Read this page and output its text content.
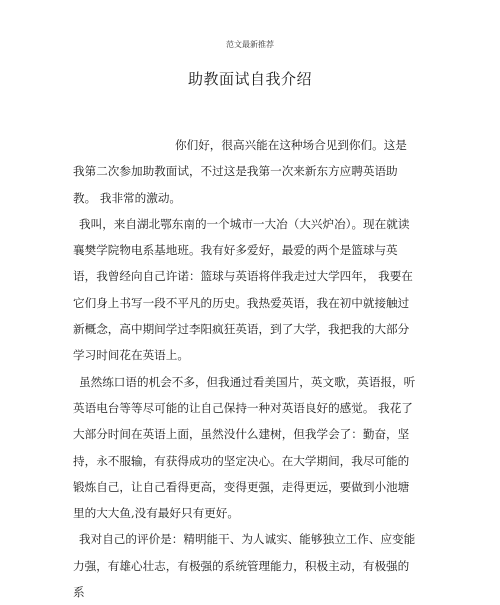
范文最新推荐
助教面试自我介绍

你们好，很高兴能在这种场合见到你们。这是我第二次参加助教面试，不过这是我第一次来新东方应聘英语助教。 我非常的激动。

我叫，来自湖北鄂东南的一个城市一大冶（大兴炉冶）。现在就读襄樊学院物电系基地班。我有好多爱好，最爱的两个是篮球与英语，我曾经向自己许诺：篮球与英语将伴我走过大学四年， 我要在它们身上书写一段不平凡的历史。我热爱英语，我在初中就接触过新概念，高中期间学过李阳疯狂英语，到了大学，我把我的大部分学习时间花在英语上。

虽然练口语的机会不多，但我通过看美国片，英文歌，英语报，听英语电台等等尽可能的让自己保持一种对英语良好的感觉。 我花了大部分时间在英语上面，虽然没什么建树，但我学会了：勤奋，坚持，永不服输，有获得成功的坚定决心。在大学期间，我尽可能的锻炼自己，让自己看得更高，变得更强，走得更远，要做到小池塘里的大大鱼,没有最好只有更好。

我对自己的评价是：精明能干、为人诚实、能够独立工作、应变能力强，有雄心壮志，有极强的系统管理能力，积极主动，有极强的系
